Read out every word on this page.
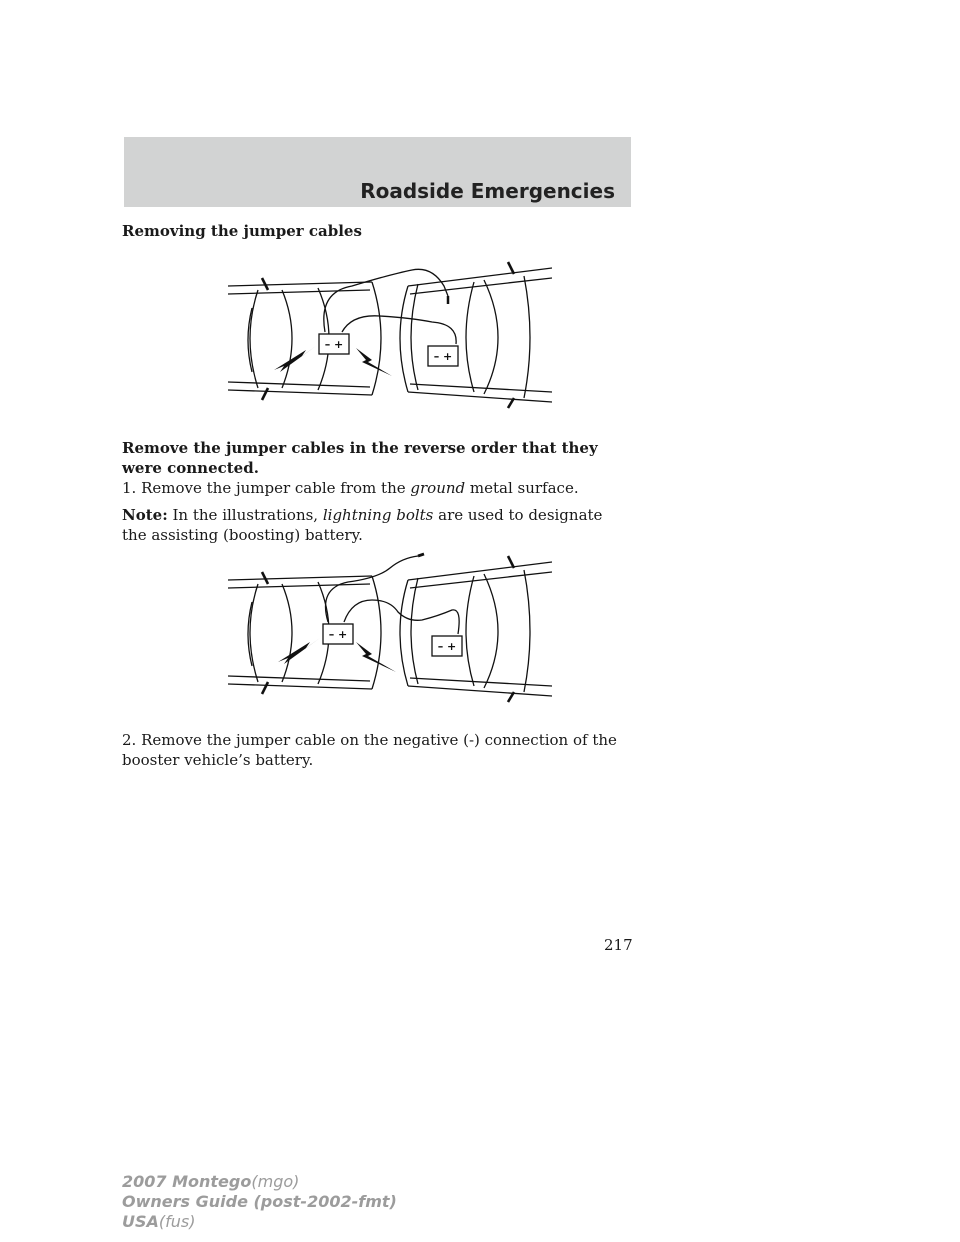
Roadside Emergencies
Removing the jumper cables
– +
– +

Remove the jumper cables in the reverse order that they were connected.

1. Remove the jumper cable from the ground metal surface.

Note: In the illustrations, lightning bolts are used to designate the assisting (boosting) battery.

– +
– +

2. Remove the jumper cable on the negative (-) connection of the booster vehicle’s battery.

217
2007 Montego(mgo)
Owners Guide (post-2002-fmt)
USA(fus)
